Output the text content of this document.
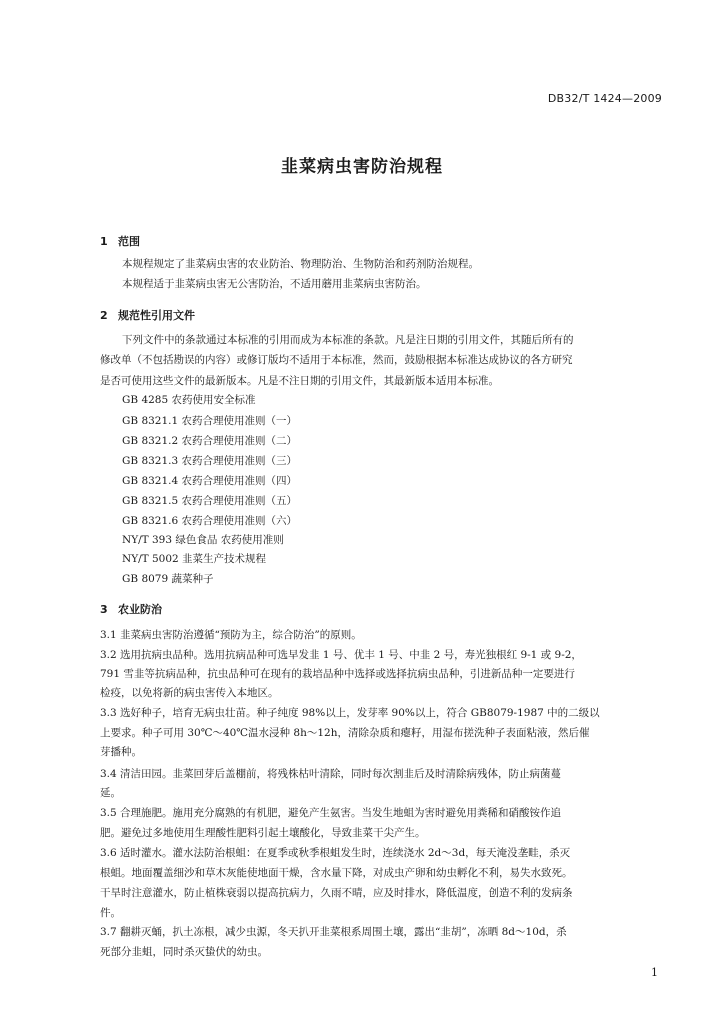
DB32/T 1424—2009
韭菜病虫害防治规程
1 范围
本规程规定了韭菜病虫害的农业防治、物理防治、生物防治和药剂防治规程。
本规程适于韭菜病虫害无公害防治，不适用蘑用韭菜病虫害防治。
2 规范性引用文件
下列文件中的条款通过本标准的引用而成为本标准的条款。凡是注日期的引用文件，其随后所有的
修改单（不包括勘误的内容）或修订版均不适用于本标准，然而，鼓励根据本标准达成协议的各方研究
是否可使用这些文件的最新版本。凡是不注日期的引用文件，其最新版本适用本标准。
GB 4285 农药使用安全标准
GB 8321.1 农药合理使用准则（一）
GB 8321.2 农药合理使用准则（二）
GB 8321.3 农药合理使用准则（三）
GB 8321.4 农药合理使用准则（四）
GB 8321.5 农药合理使用准则（五）
GB 8321.6 农药合理使用准则（六）
NY/T 393 绿色食品 农药使用准则
NY/T 5002 韭菜生产技术规程
GB 8079 蔬菜种子
3 农业防治
3.1 韭菜病虫害防治遵循“预防为主，综合防治”的原则。
3.2 选用抗病虫品种。选用抗病品种可选早发韭 1 号、优丰 1 号、中韭 2 号，寿光独根红 9-1 或 9-2，
791 雪韭等抗病品种，抗虫品种可在现有的栽培品种中选择或选择抗病虫品种，引进新品种一定要进行
检疫，以免将新的病虫害传入本地区。
3.3 选好种子，培育无病虫壮苗。种子纯度 98%以上，发芽率 90%以上，符合 GB8079-1987 中的二级以
上要求。种子可用 30℃～40℃温水浸种 8h～12h，清除杂质和瘪籽，用湿布搓洗种子表面粘液，然后催
芽播种。
3.4 清洁田园。韭菜回芽后盖棚前，将残株枯叶清除，同时每次割韭后及时清除病残体，防止病菌蔓
延。
3.5 合理施肥。施用充分腐熟的有机肥，避免产生氨害。当发生地蛆为害时避免用粪稀和硝酸铵作追
肥。避免过多地使用生理酸性肥料引起土壤酸化，导致韭菜干尖产生。
3.6 适时灌水。灌水法防治根蛆：在夏季或秋季根蛆发生时，连续浇水 2d～3d，每天淹没垄畦，杀灭
根蛆。地面覆盖细沙和草木灰能使地面干燥，含水量下降，对成虫产卵和幼虫孵化不利，易失水致死。
干旱时注意灌水，防止植株衰弱以提高抗病力，久雨不晴，应及时排水，降低温度，创造不利的发病条
件。
3.7 翻耕灭蛹，扒土冻根，减少虫源，冬天扒开韭菜根系周围土壤，露出“韭胡”，冻晒 8d～10d，杀
死部分韭蛆，同时杀灭蛰伏的幼虫。
1
